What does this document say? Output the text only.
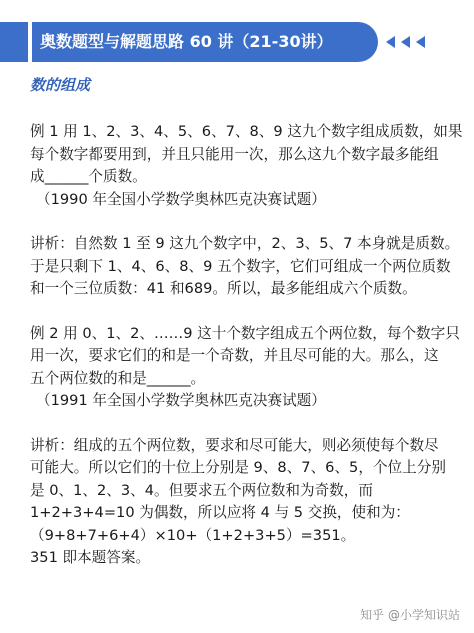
奥数题型与解题思路 60 讲（21-30讲）
数的组成
例 1 用 1、2、3、4、5、6、7、8、9 这九个数字组成质数，如果
每个数字都要用到，并且只能用一次，那么这九个数字最多能组
成______个质数。
（1990 年全国小学数学奥林匹克决赛试题）
讲析：自然数 1 至 9 这九个数字中，2、3、5、7 本身就是质数。
于是只剩下 1、4、6、8、9 五个数字，它们可组成一个两位质数
和一个三位质数：41 和689。所以，最多能组成六个质数。
例 2 用 0、1、2、……9 这十个数字组成五个两位数，每个数字只
用一次，要求它们的和是一个奇数，并且尽可能的大。那么，这
五个两位数的和是______。
（1991 年全国小学数学奥林匹克决赛试题）
讲析：组成的五个两位数，要求和尽可能大，则必须使每个数尽
可能大。所以它们的十位上分别是 9、8、7、6、5，个位上分别
是 0、1、2、3、4。但要求五个两位数和为奇数，而
1+2+3+4=10 为偶数，所以应将 4 与 5 交换，使和为：
（9+8+7+6+4）×10+（1+2+3+5）=351。
351 即本题答案。
知乎 @小学知识站
